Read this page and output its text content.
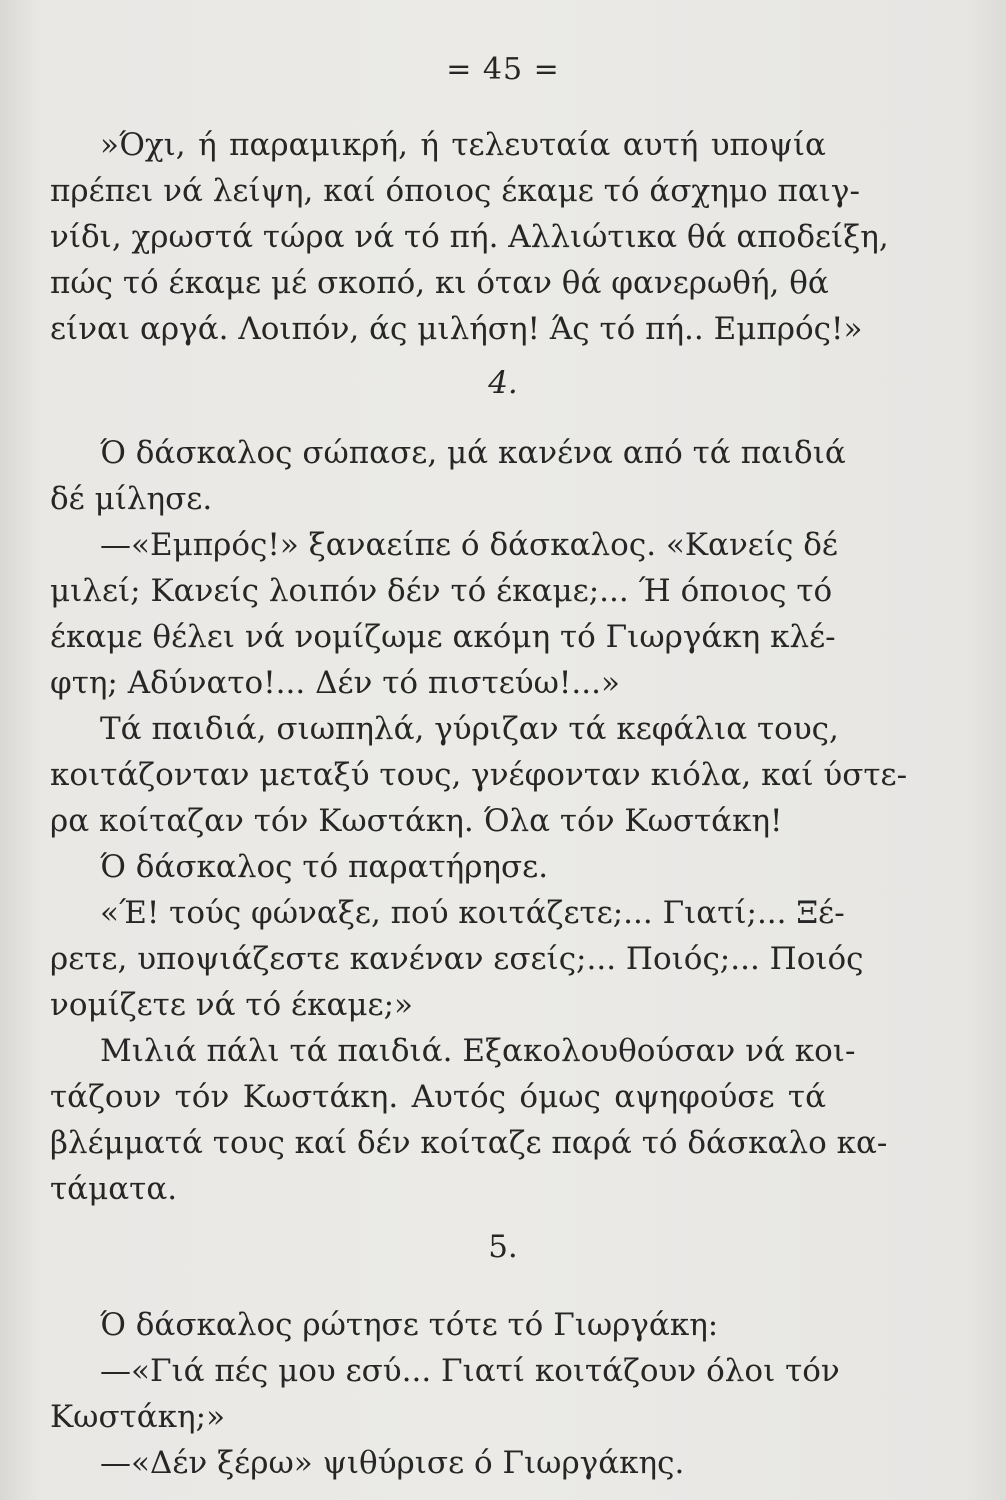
= 45 =
»Όχι, ή παραμικρή, ή τελευταία αυτή υποψία
πρέπει νά λείψη, καί όποιος έκαμε τό άσχημο παιγ-
νίδι, χρωστά τώρα νά τό πή. Αλλιώτικα θά αποδείξη,
πώς τό έκαμε μέ σκοπό, κι όταν θά φανερωθή, θά
είναι αργά. Λοιπόν, άς μιλήση! Άς τό πή.. Εμπρός!»
4.
Ό δάσκαλος σώπασε, μά κανένα από τά παιδιά
δέ μίλησε.
—«Εμπρός!» ξαναείπε ό δάσκαλος. «Κανείς δέ
μιλεί; Κανείς λοιπόν δέν τό έκαμε;... Ή όποιος τό
έκαμε θέλει νά νομίζωμε ακόμη τό Γιωργάκη κλέ-
φτη; Αδύνατο!... Δέν τό πιστεύω!...»
Τά παιδιά, σιωπηλά, γύριζαν τά κεφάλια τους,
κοιτάζονταν μεταξύ τους, γνέφονταν κιόλα, καί ύστε-
ρα κοίταζαν τόν Κωστάκη. Όλα τόν Κωστάκη!
Ό δάσκαλος τό παρατήρησε.
«Έ! τούς φώναξε, πού κοιτάζετε;... Γιατί;... Ξέ-
ρετε, υποψιάζεστε κανέναν εσείς;... Ποιός;... Ποιός
νομίζετε νά τό έκαμε;»
Μιλιά πάλι τά παιδιά. Εξακολουθούσαν νά κοι-
τάζουν τόν Κωστάκη. Αυτός όμως αψηφούσε τά
βλέμματά τους καί δέν κοίταζε παρά τό δάσκαλο κα-
τάματα.
5.
Ό δάσκαλος ρώτησε τότε τό Γιωργάκη:
—«Γιά πές μου εσύ... Γιατί κοιτάζουν όλοι τόν
Κωστάκη;»
—«Δέν ξέρω» ψιθύρισε ό Γιωργάκης.
